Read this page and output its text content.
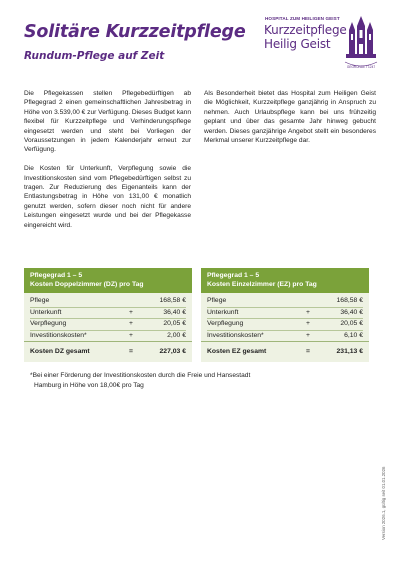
Solitäre Kurzzeitpflege
Rundum-Pflege auf Zeit
HOSPITAL ZUM HEILIGEN GEIST
Kurzzeitpflege
Heilig Geist
GEGRÜNDET 1247

Die Pflegekassen stellen Pflegebedürftigen ab Pflegegrad 2 einen gemeinschaftlichen Jahresbetrag in Höhe von 3.539,00 € zur Verfügung. Dieses Budget kann flexibel für Kurzzeitpflege und Verhinderungspflege eingesetzt werden und steht bei Vorliegen der Voraussetzungen in jedem Kalenderjahr erneut zur Verfügung.

Die Kosten für Unterkunft, Verpflegung sowie die Investitionskosten sind vom Pflegebedürftigen selbst zu tragen. Zur Reduzierung des Eigenanteils kann der Entlastungsbetrag in Höhe von 131,00 € monatlich genutzt werden, sofern dieser noch nicht für andere Leistungen eingesetzt wurde und bei der Pflegekasse eingereicht wird.

Als Besonderheit bietet das Hospital zum Heiligen Geist die Möglichkeit, Kurzzeitpflege ganzjährig in Anspruch zu nehmen. Auch Urlaubspflege kann bei uns frühzeitig geplant und über das gesamte Jahr hinweg gebucht werden. Dieses ganzjährige Angebot stellt ein besonderes Merkmal unserer Kurzzeitpflege dar.

Pflegegrad 1 – 5
Kosten Doppelzimmer (DZ) pro Tag
Pflege	168,58 €
Unterkunft	+	36,40 €
Verpflegung	+	20,05 €
Investitionskosten*	+	2,00 €
Kosten DZ gesamt	=	227,03 €
Pflegegrad 1 – 5
Kosten Einzelzimmer (EZ) pro Tag
Pflege	168,58 €
Unterkunft	+	36,40 €
Verpflegung	+	20,05 €
Investitionskosten*	+	6,10 €
Kosten EZ gesamt	=	231,13 €
*Bei einer Förderung der Investitionskosten durch die Freie und Hansestadt
Hamburg in Höhe von 18,00€ pro Tag
Version 2026.1, gültig seit 01.01.2026
